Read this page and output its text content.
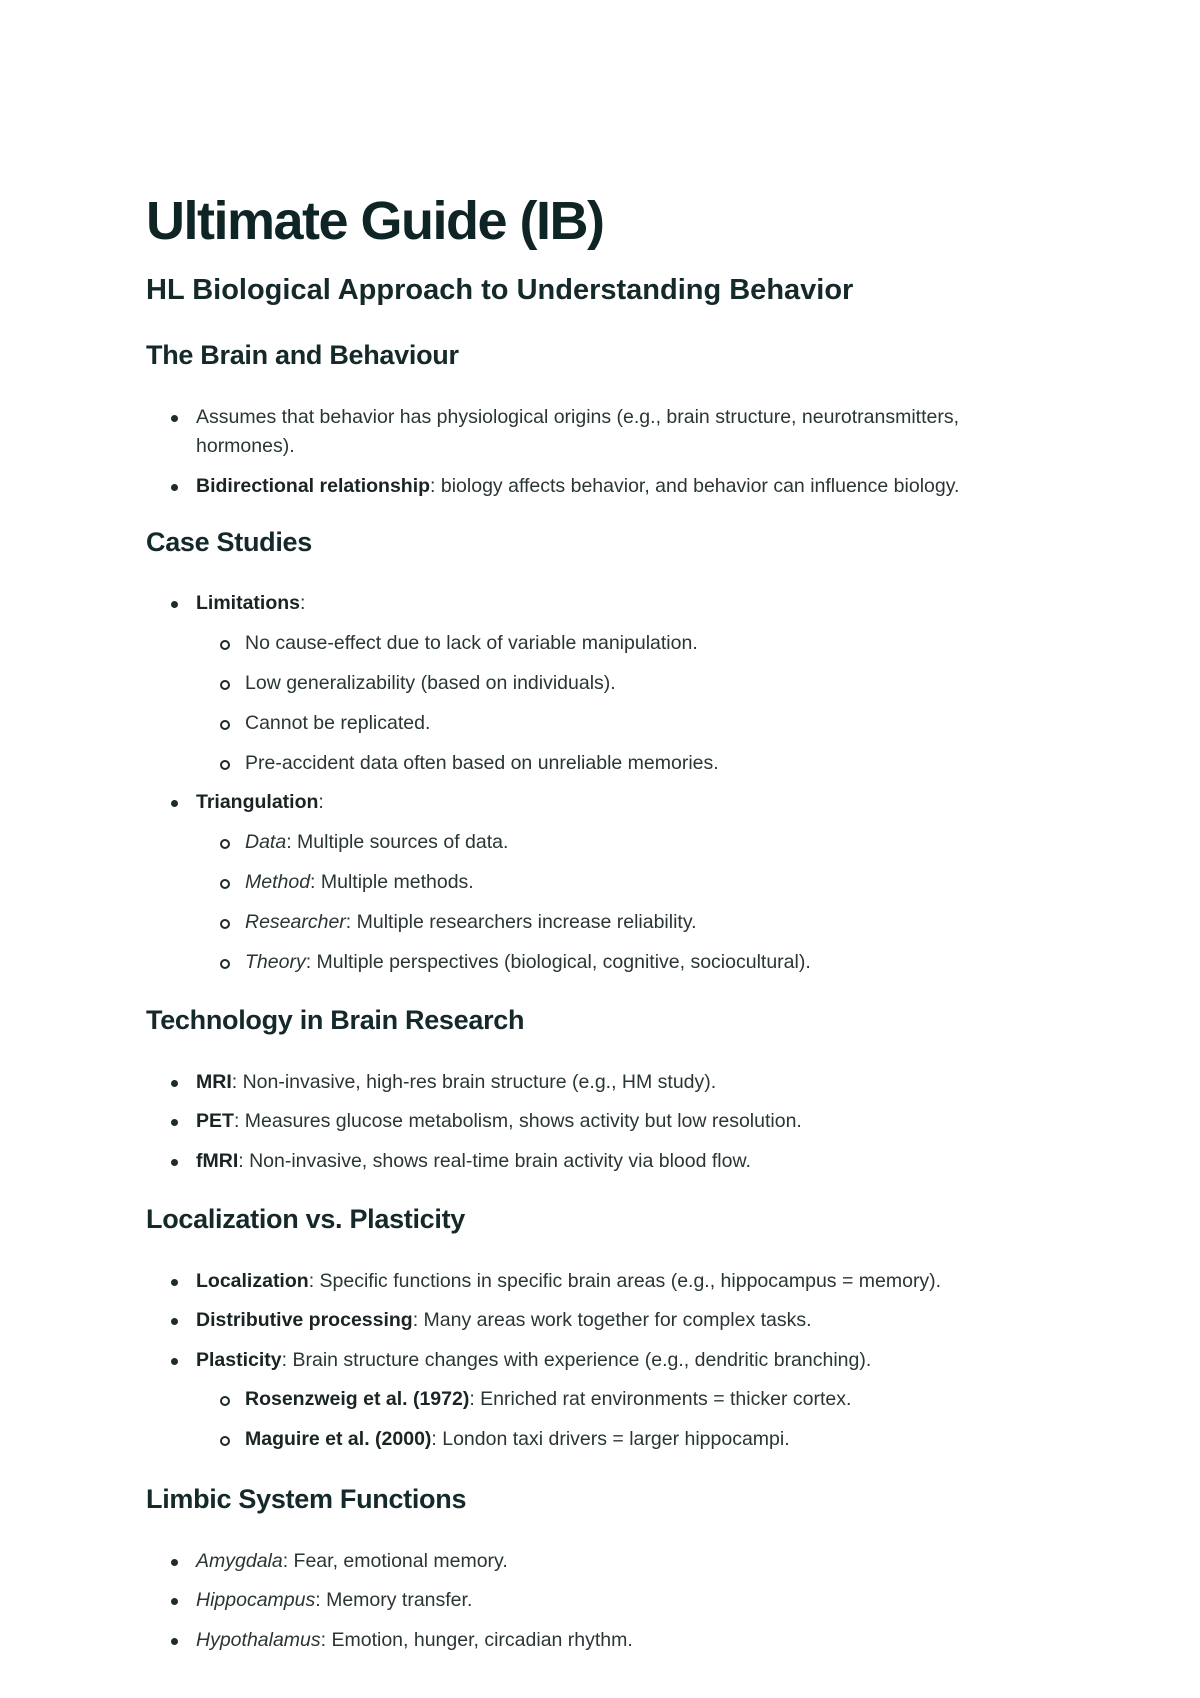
Ultimate Guide (IB)
HL Biological Approach to Understanding Behavior
The Brain and Behaviour
Assumes that behavior has physiological origins (e.g., brain structure, neurotransmitters, hormones).
Bidirectional relationship: biology affects behavior, and behavior can influence biology.
Case Studies
Limitations:
No cause-effect due to lack of variable manipulation.
Low generalizability (based on individuals).
Cannot be replicated.
Pre-accident data often based on unreliable memories.
Triangulation:
Data: Multiple sources of data.
Method: Multiple methods.
Researcher: Multiple researchers increase reliability.
Theory: Multiple perspectives (biological, cognitive, sociocultural).
Technology in Brain Research
MRI: Non-invasive, high-res brain structure (e.g., HM study).
PET: Measures glucose metabolism, shows activity but low resolution.
fMRI: Non-invasive, shows real-time brain activity via blood flow.
Localization vs. Plasticity
Localization: Specific functions in specific brain areas (e.g., hippocampus = memory).
Distributive processing: Many areas work together for complex tasks.
Plasticity: Brain structure changes with experience (e.g., dendritic branching).
Rosenzweig et al. (1972): Enriched rat environments = thicker cortex.
Maguire et al. (2000): London taxi drivers = larger hippocampi.
Limbic System Functions
Amygdala: Fear, emotional memory.
Hippocampus: Memory transfer.
Hypothalamus: Emotion, hunger, circadian rhythm.
